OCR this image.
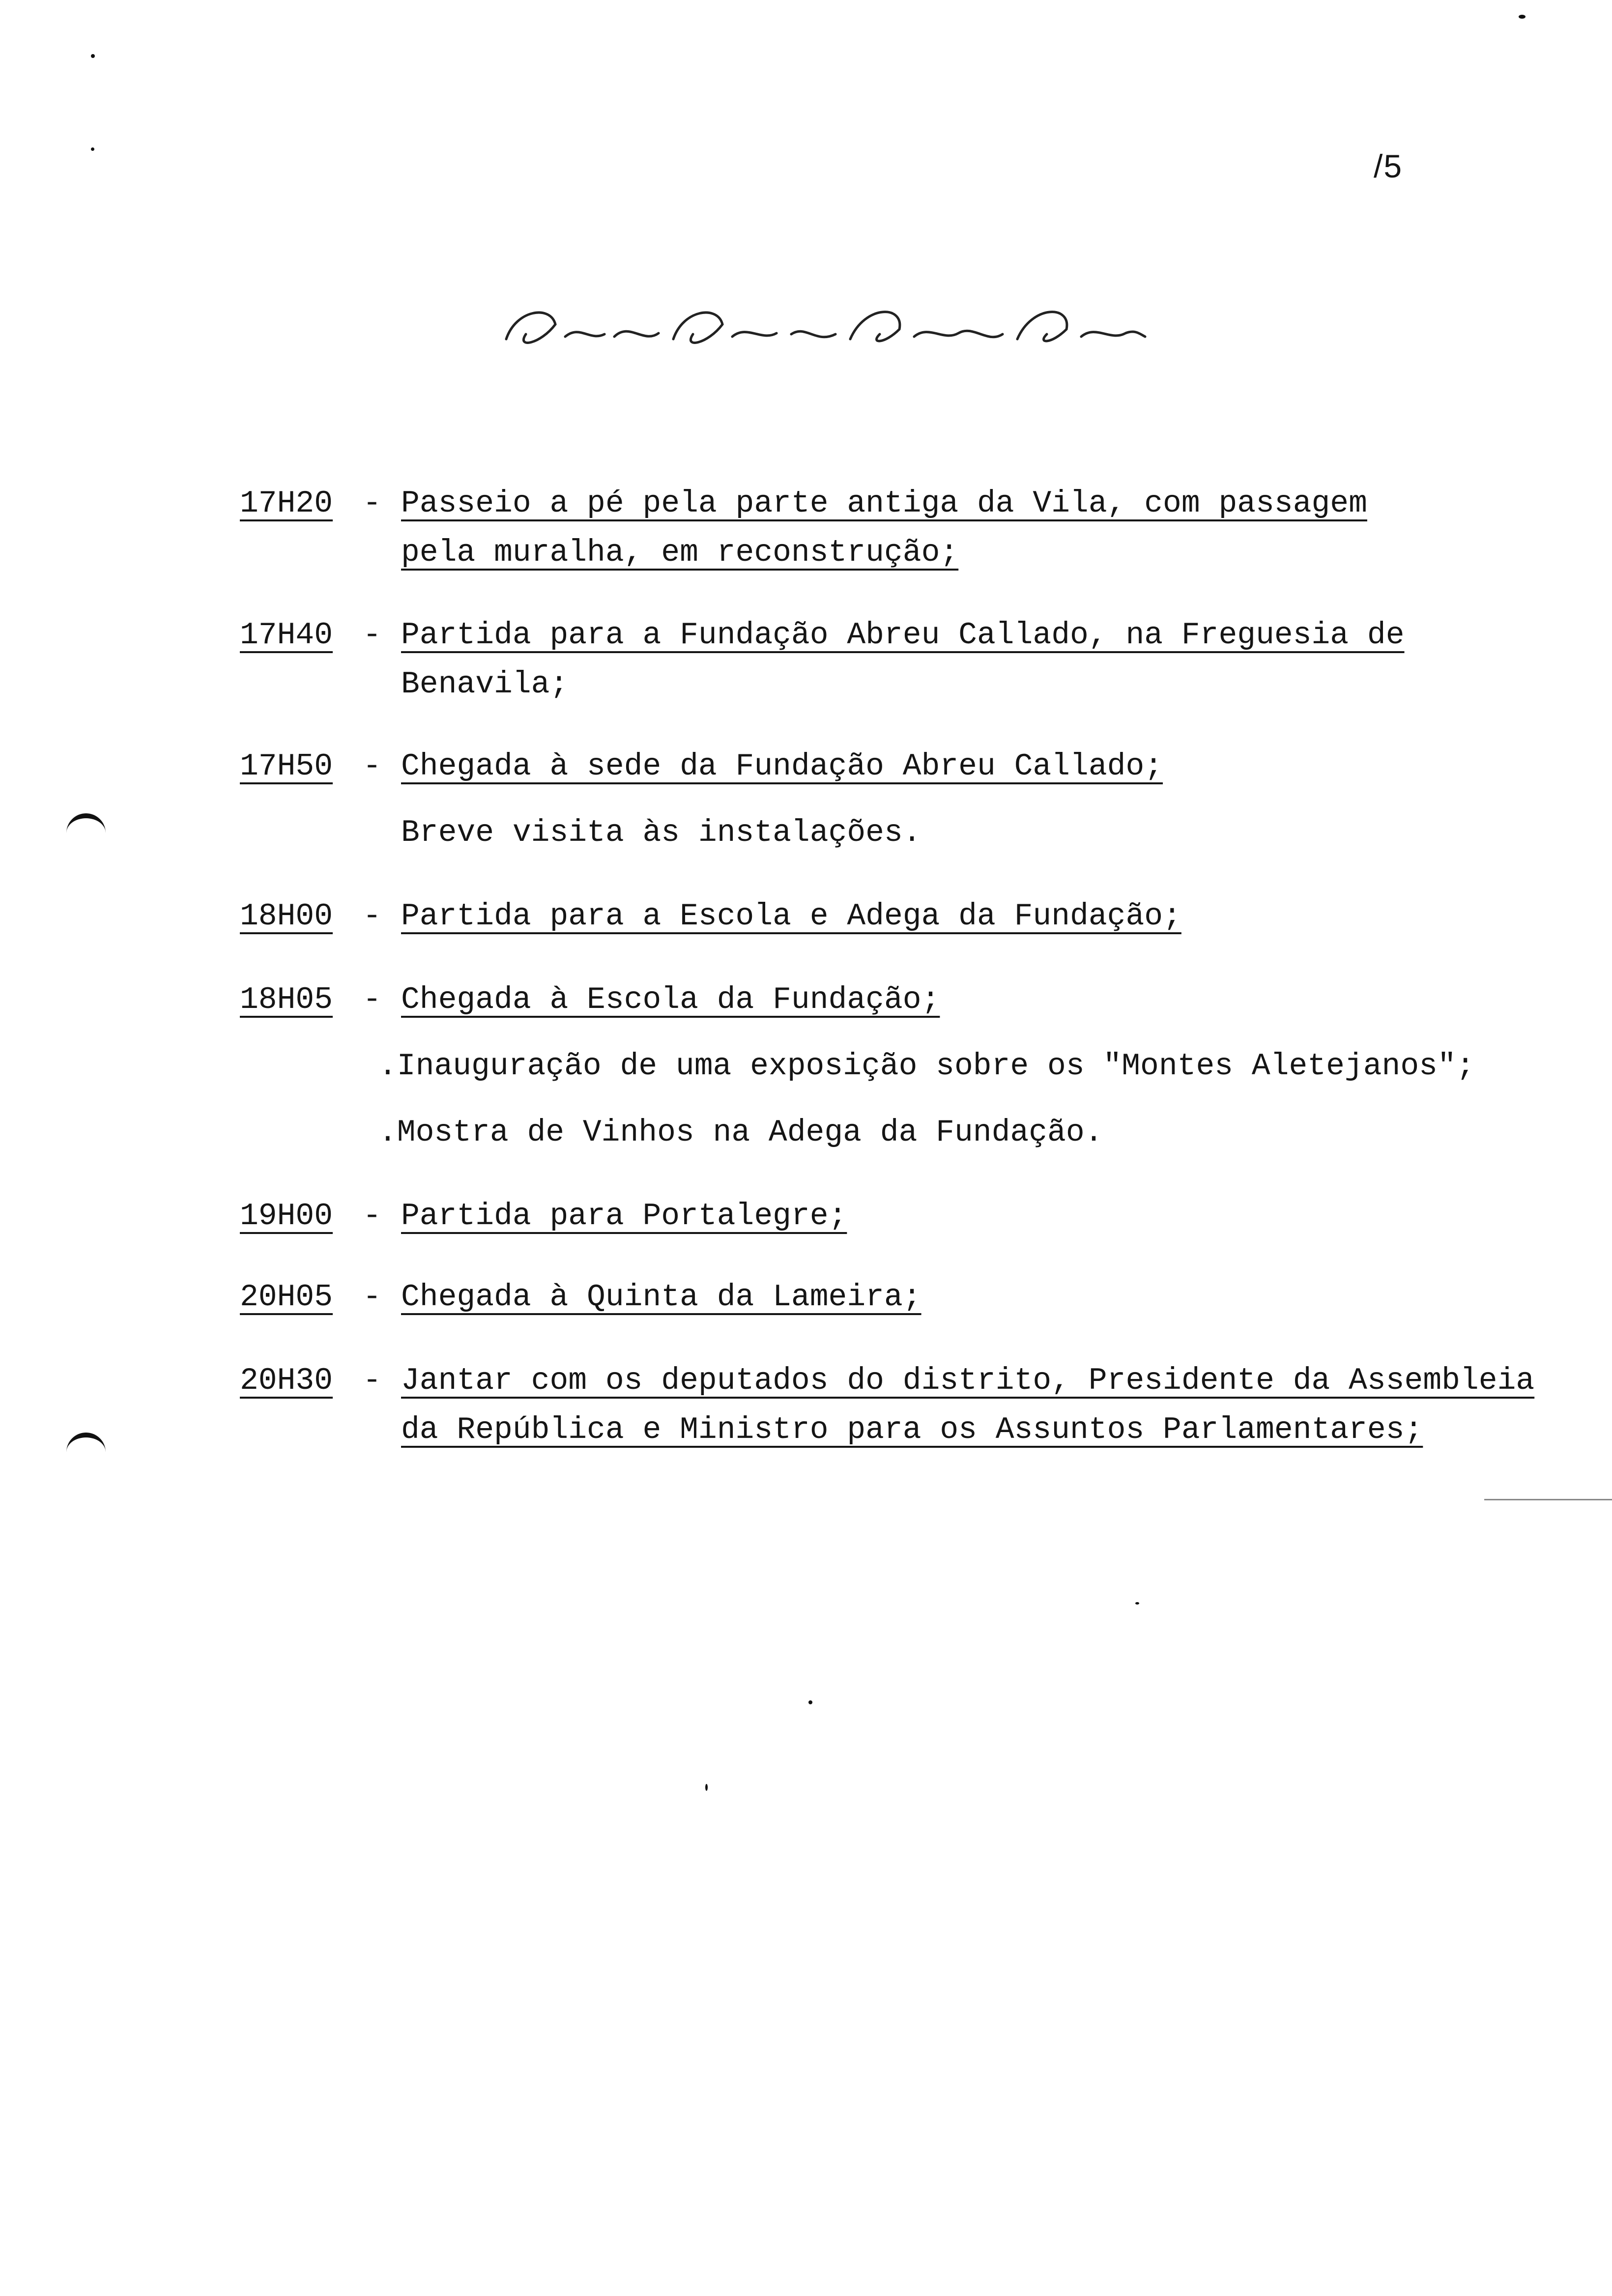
/5
17H20 - Passeio a pé pela parte antiga da Vila, com passagem
pela muralha, em reconstrução;
17H40 - Partida para a Fundação Abreu Callado, na Freguesia de
Benavila;
17H50 - Chegada à sede da Fundação Abreu Callado;
Breve visita às instalações.
18H00 - Partida para a Escola e Adega da Fundação;
18H05 - Chegada à Escola da Fundação;
.Inauguração de uma exposição sobre os "Montes Aletejanos";
.Mostra de Vinhos na Adega da Fundação.
19H00 - Partida para Portalegre;
20H05 - Chegada à Quinta da Lameira;
20H30 - Jantar com os deputados do distrito, Presidente da Assembleia
da República e Ministro para os Assuntos Parlamentares;
